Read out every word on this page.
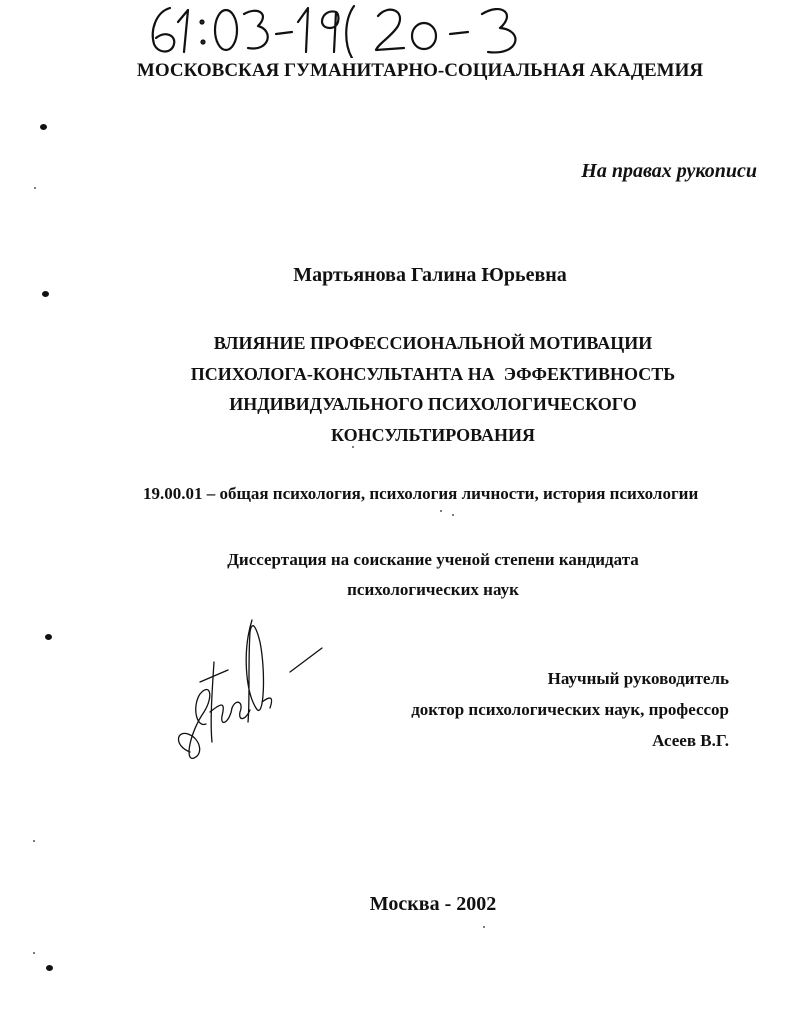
МОСКОВСКАЯ ГУМАНИТАРНО-СОЦИАЛЬНАЯ АКАДЕМИЯ
На правах рукописи
Мартьянова Галина Юрьевна
ВЛИЯНИЕ ПРОФЕССИОНАЛЬНОЙ МОТИВАЦИИ
ПСИХОЛОГА-КОНСУЛЬТАНТА НА  ЭФФЕКТИВНОСТЬ
ИНДИВИДУАЛЬНОГО ПСИХОЛОГИЧЕСКОГО
КОНСУЛЬТИРОВАНИЯ
19.00.01 – общая психология, психология личности, история психологии
Диссертация на соискание ученой степени кандидата
психологических наук
Научный руководитель
доктор психологических наук, профессор
Асеев В.Г.
Москва - 2002
